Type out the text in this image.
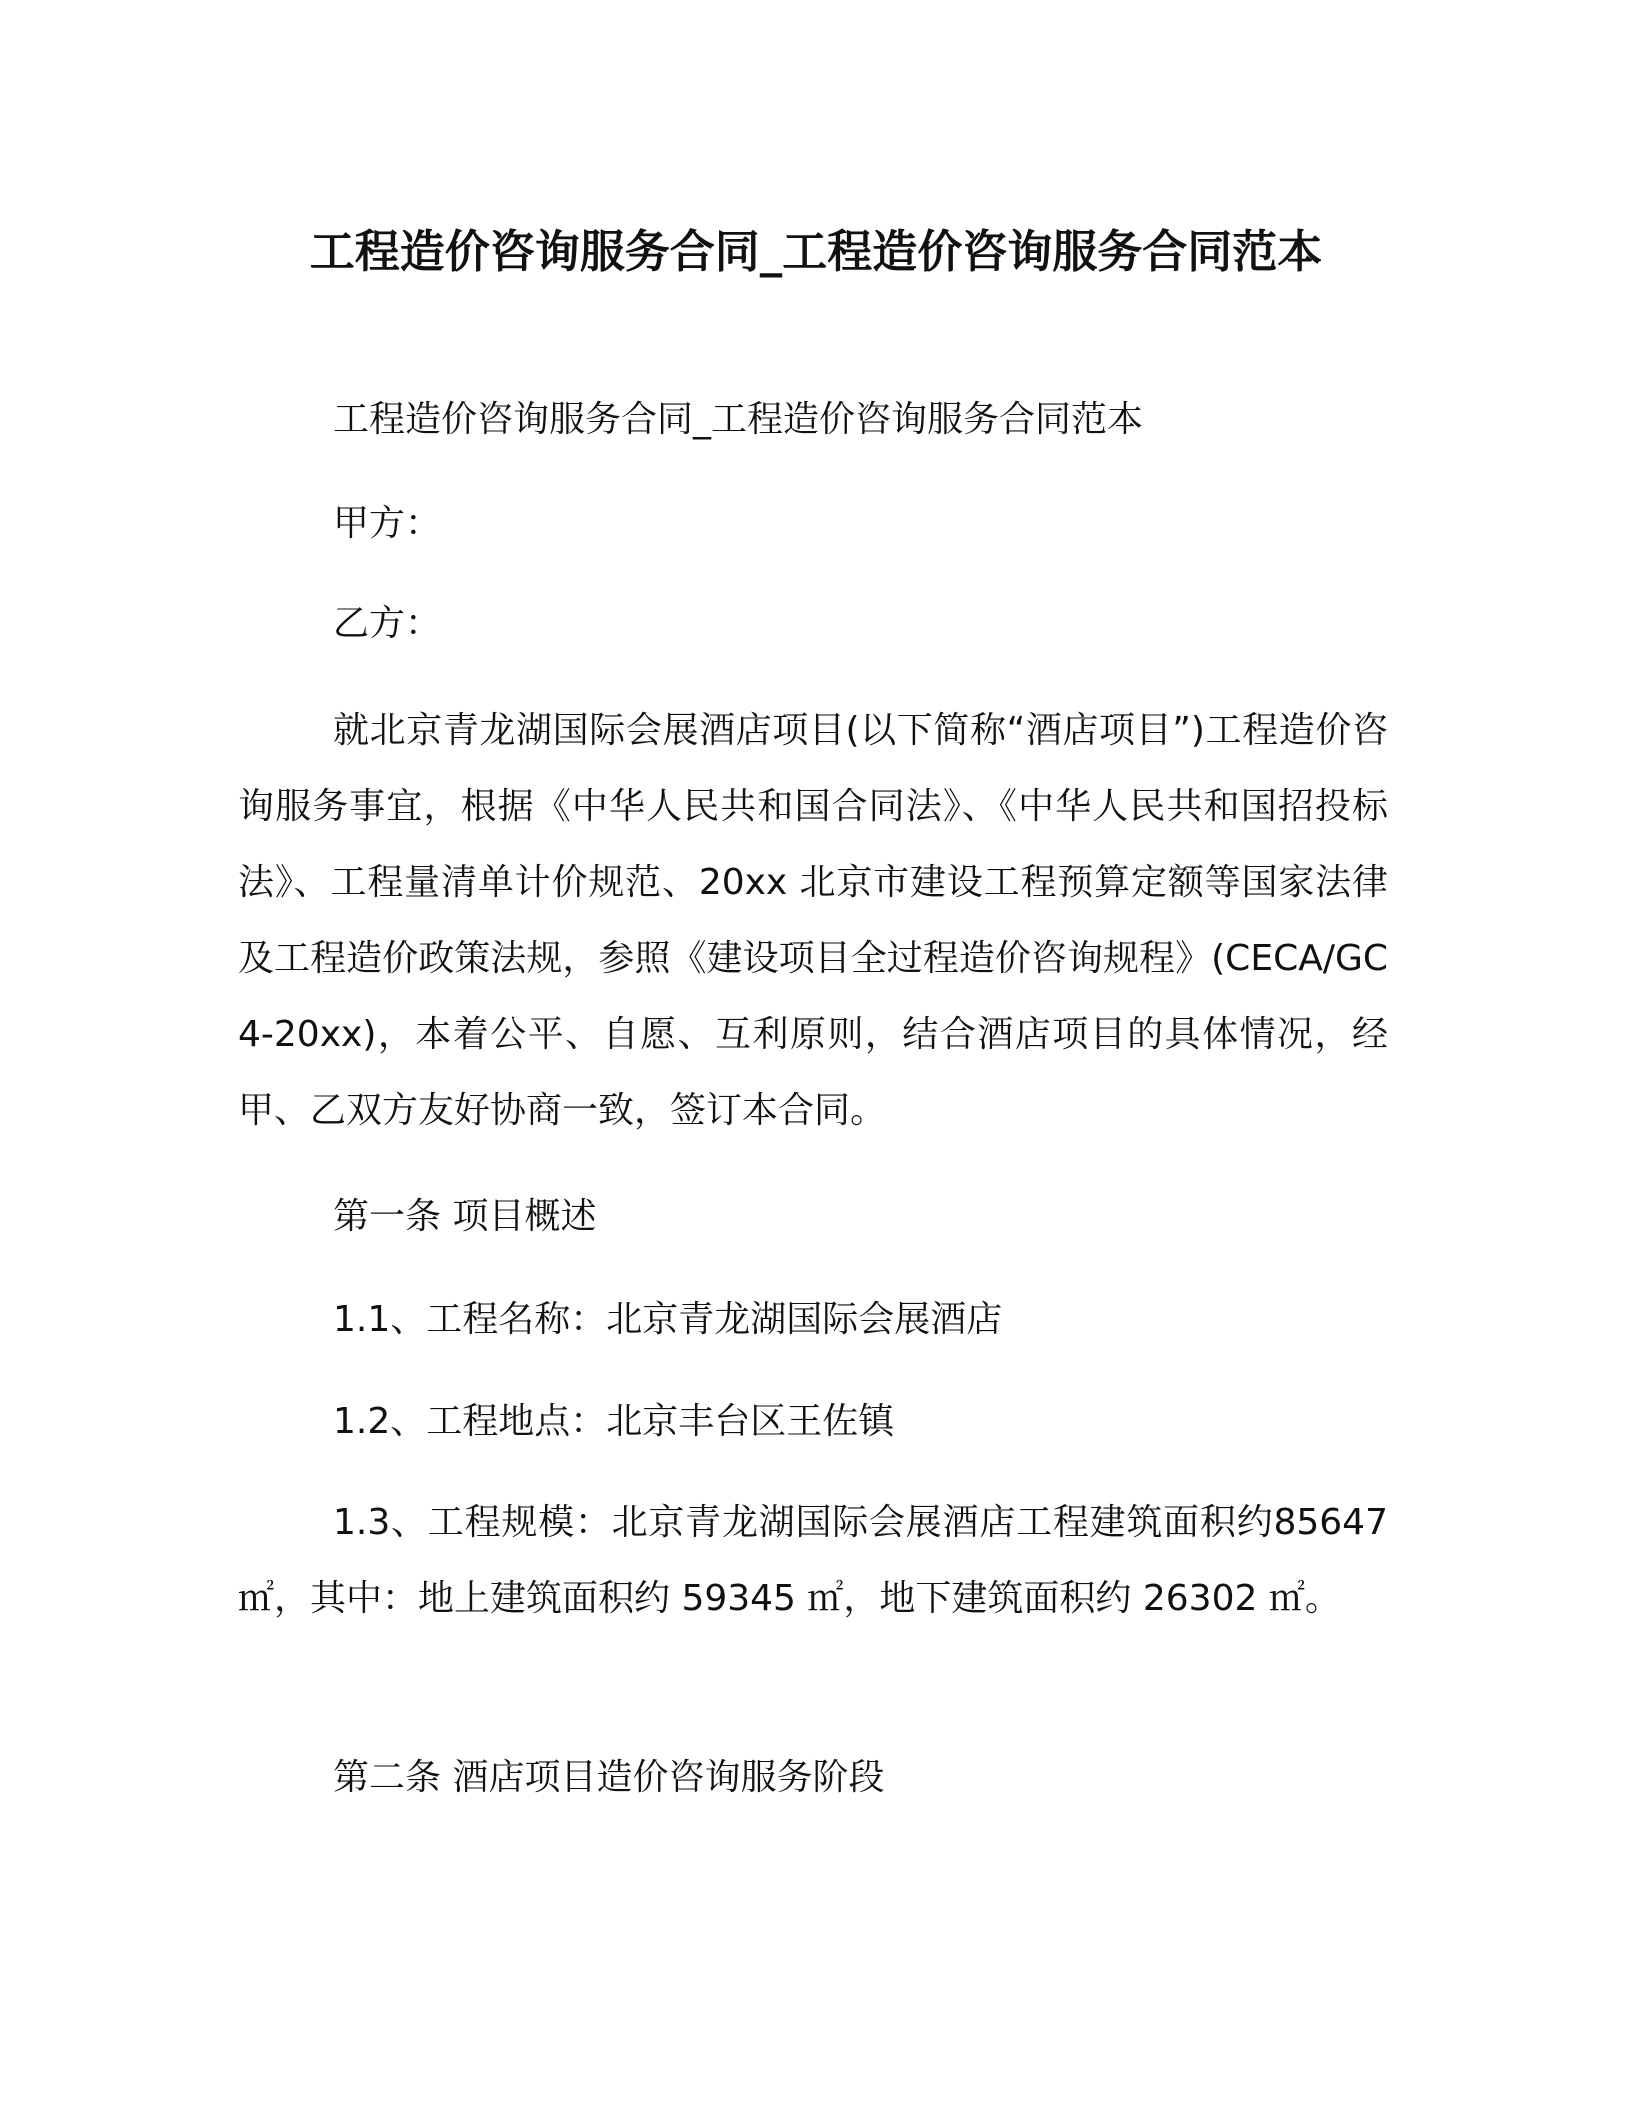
工程造价咨询服务合同_工程造价咨询服务合同范本
工程造价咨询服务合同_工程造价咨询服务合同范本
甲方：
乙方：

就北京青龙湖国际会展酒店项目(以下简称“酒店项目”)工程造价咨询服务事宜，根据《中华人民共和国合同法》、《中华人民共和国招投标法》、工程量清单计价规范、20xx 北京市建设工程预算定额等国家法律及工程造价政策法规，参照《建设项目全过程造价咨询规程》(CECA/GC 4-20xx)，本着公平、自愿、互利原则，结合酒店项目的具体情况，经甲、乙双方友好协商一致，签订本合同。

第一条 项目概述
1.1、工程名称：北京青龙湖国际会展酒店
1.2、工程地点：北京丰台区王佐镇

1.3、工程规模：北京青龙湖国际会展酒店工程建筑面积约85647 ㎡，其中：地上建筑面积约 59345 ㎡，地下建筑面积约 26302 ㎡。

第二条 酒店项目造价咨询服务阶段
